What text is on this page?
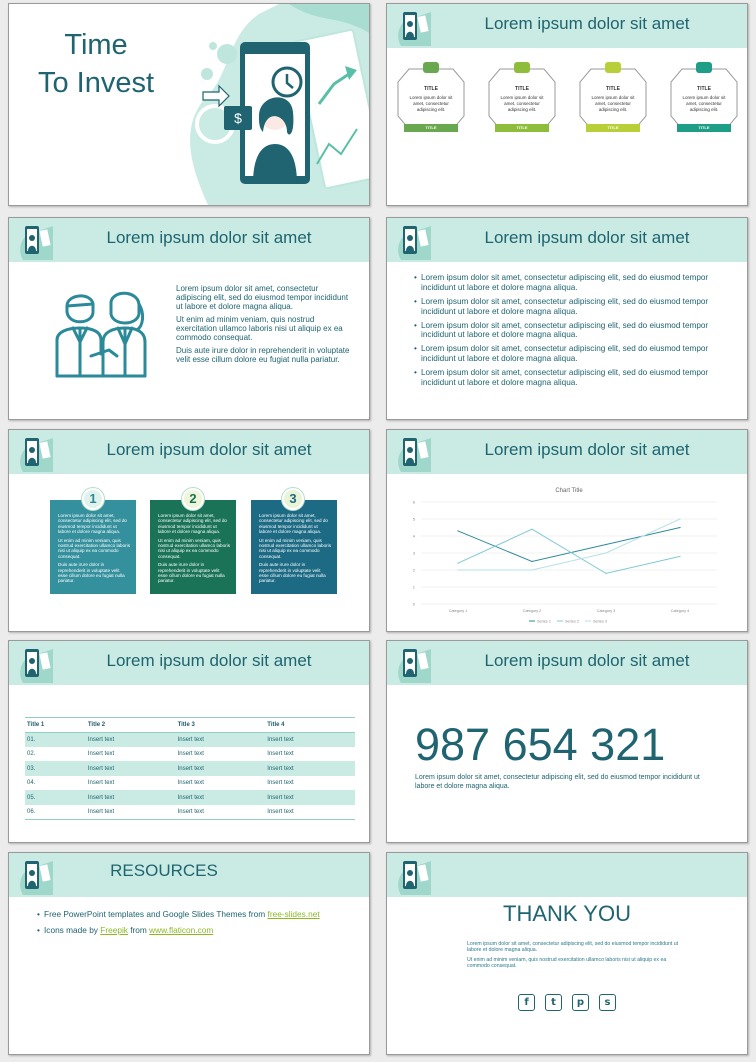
Time
To Invest
$
Lorem ipsum dolor sit amet
TITLE
Lorem ipsum dolor sit amet, consectetur adipiscing elit.
TITLE
TITLE
Lorem ipsum dolor sit amet, consectetur adipiscing elit.
TITLE
TITLE
Lorem ipsum dolor sit amet, consectetur adipiscing elit.
TITLE
TITLE
Lorem ipsum dolor sit amet, consectetur adipiscing elit.
TITLE
Lorem ipsum dolor sit amet

Lorem ipsum dolor sit amet, consectetur adipiscing elit, sed do eiusmod tempor incididunt ut labore et dolore magna aliqua.

Ut enim ad minim veniam, quis nostrud exercitation ullamco laboris nisi ut aliquip ex ea commodo consequat.

Duis aute irure dolor in reprehenderit in voluptate velit esse cillum dolore eu fugiat nulla pariatur.

Lorem ipsum dolor sit amet
• Lorem ipsum dolor sit amet, consectetur adipiscing elit, sed do eiusmod tempor incididunt ut labore et dolore magna aliqua.
• Lorem ipsum dolor sit amet, consectetur adipiscing elit, sed do eiusmod tempor incididunt ut labore et dolore magna aliqua.
• Lorem ipsum dolor sit amet, consectetur adipiscing elit, sed do eiusmod tempor incididunt ut labore et dolore magna aliqua.
• Lorem ipsum dolor sit amet, consectetur adipiscing elit, sed do eiusmod tempor incididunt ut labore et dolore magna aliqua.
• Lorem ipsum dolor sit amet, consectetur adipiscing elit, sed do eiusmod tempor incididunt ut labore et dolore magna aliqua.
Lorem ipsum dolor sit amet

Lorem ipsum dolor sit amet, consectetur adipiscing elit, sed do eiusmod tempor incididunt ut labore et dolore magna aliqua.

Ut enim ad minim veniam, quis nostrud exercitation ullamco laboris nisi ut aliquip ex ea commodo consequat.

Duis aute irure dolor in reprehenderit in voluptate velit esse cillum dolore eu fugiat nulla pariatur.

1

Lorem ipsum dolor sit amet, consectetur adipiscing elit, sed do eiusmod tempor incididunt ut labore et dolore magna aliqua.

Ut enim ad minim veniam, quis nostrud exercitation ullamco laboris nisi ut aliquip ex ea commodo consequat.

Duis aute irure dolor in reprehenderit in voluptate velit esse cillum dolore eu fugiat nulla pariatur.

2

Lorem ipsum dolor sit amet, consectetur adipiscing elit, sed do eiusmod tempor incididunt ut labore et dolore magna aliqua.

Ut enim ad minim veniam, quis nostrud exercitation ullamco laboris nisi ut aliquip ex ea commodo consequat.

Duis aute irure dolor in reprehenderit in voluptate velit esse cillum dolore eu fugiat nulla pariatur.

3
Lorem ipsum dolor sit amet
Chart Title
0
1
2
3
4
5
6
Category 1	Category 2	Category 3	Category 4
Series 1	Series 2	Series 3
Lorem ipsum dolor sit amet
Title 1	Title 2	Title 3	Title 4
01.	Insert text	Insert text	Insert text
02.	Insert text	Insert text	Insert text
03.	Insert text	Insert text	Insert text
04.	Insert text	Insert text	Insert text
05.	Insert text	Insert text	Insert text
06.	Insert text	Insert text	Insert text
Lorem ipsum dolor sit amet
987 654 321
Lorem ipsum dolor sit amet, consectetur adipiscing elit, sed do eiusmod tempor incididunt ut labore et dolore magna aliqua.
RESOURCES
• Free PowerPoint templates and Google Slides Themes from free-slides.net
• Icons made by Freepik from www.flaticon.com
THANK YOU
Lorem ipsum dolor sit amet, consectetur adipiscing elit, sed do eiusmod tempor incididunt ut labore et dolore magna aliqua.
Ut enim ad minim veniam, quis nostrud exercitation ullamco laboris nisi ut aliquip ex ea commodo consequat.
f	t	p	s
